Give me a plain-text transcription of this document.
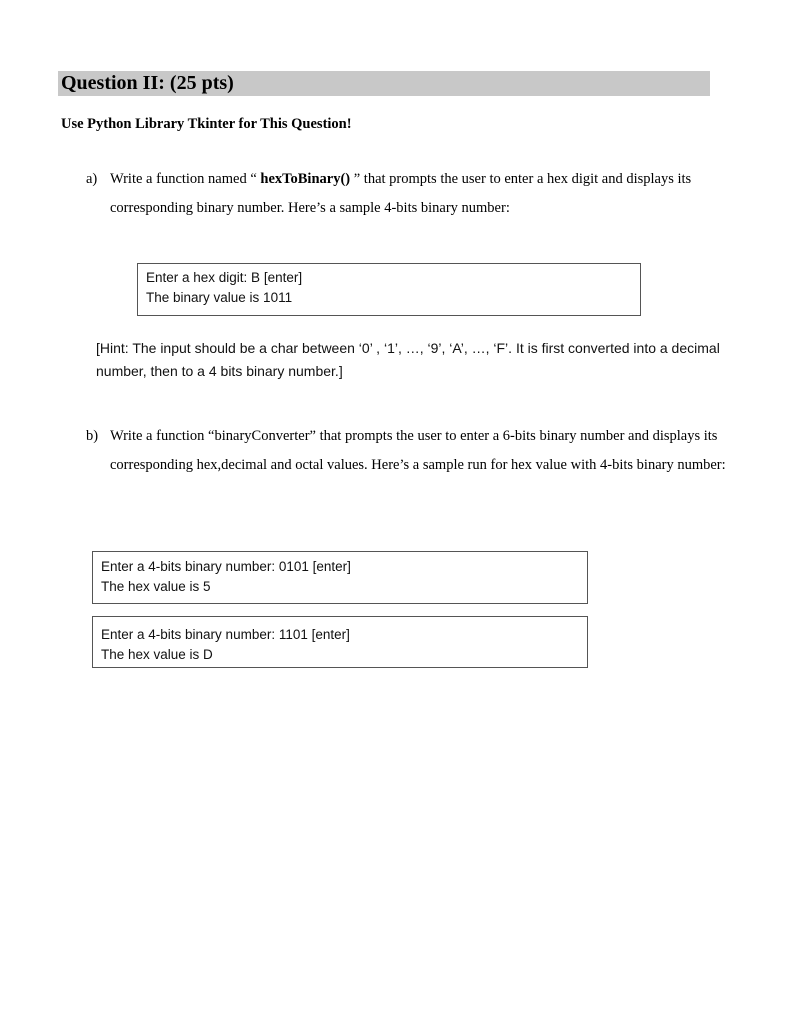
Question II: (25 pts)
Use Python Library Tkinter for This Question!
a) Write a function named “ hexToBinary() ” that prompts the user to enter a hex digit and displays its corresponding binary number. Here’s a sample 4-bits binary number:
Enter a hex digit: B [enter]
The binary value is 1011
[Hint: The input should be a char between ‘0’ , ‘1’, …, ‘9’, ‘A’, …, ‘F’. It is first converted into a decimal number, then to a 4 bits binary number.]
b) Write a function “binaryConverter” that prompts the user to enter a 6-bits binary number and displays its corresponding hex,decimal and octal values. Here’s a sample run for hex value with 4-bits binary number:
Enter a 4-bits binary number: 0101 [enter]
The hex value is 5
Enter a 4-bits binary number: 1101 [enter]
The hex value is D
